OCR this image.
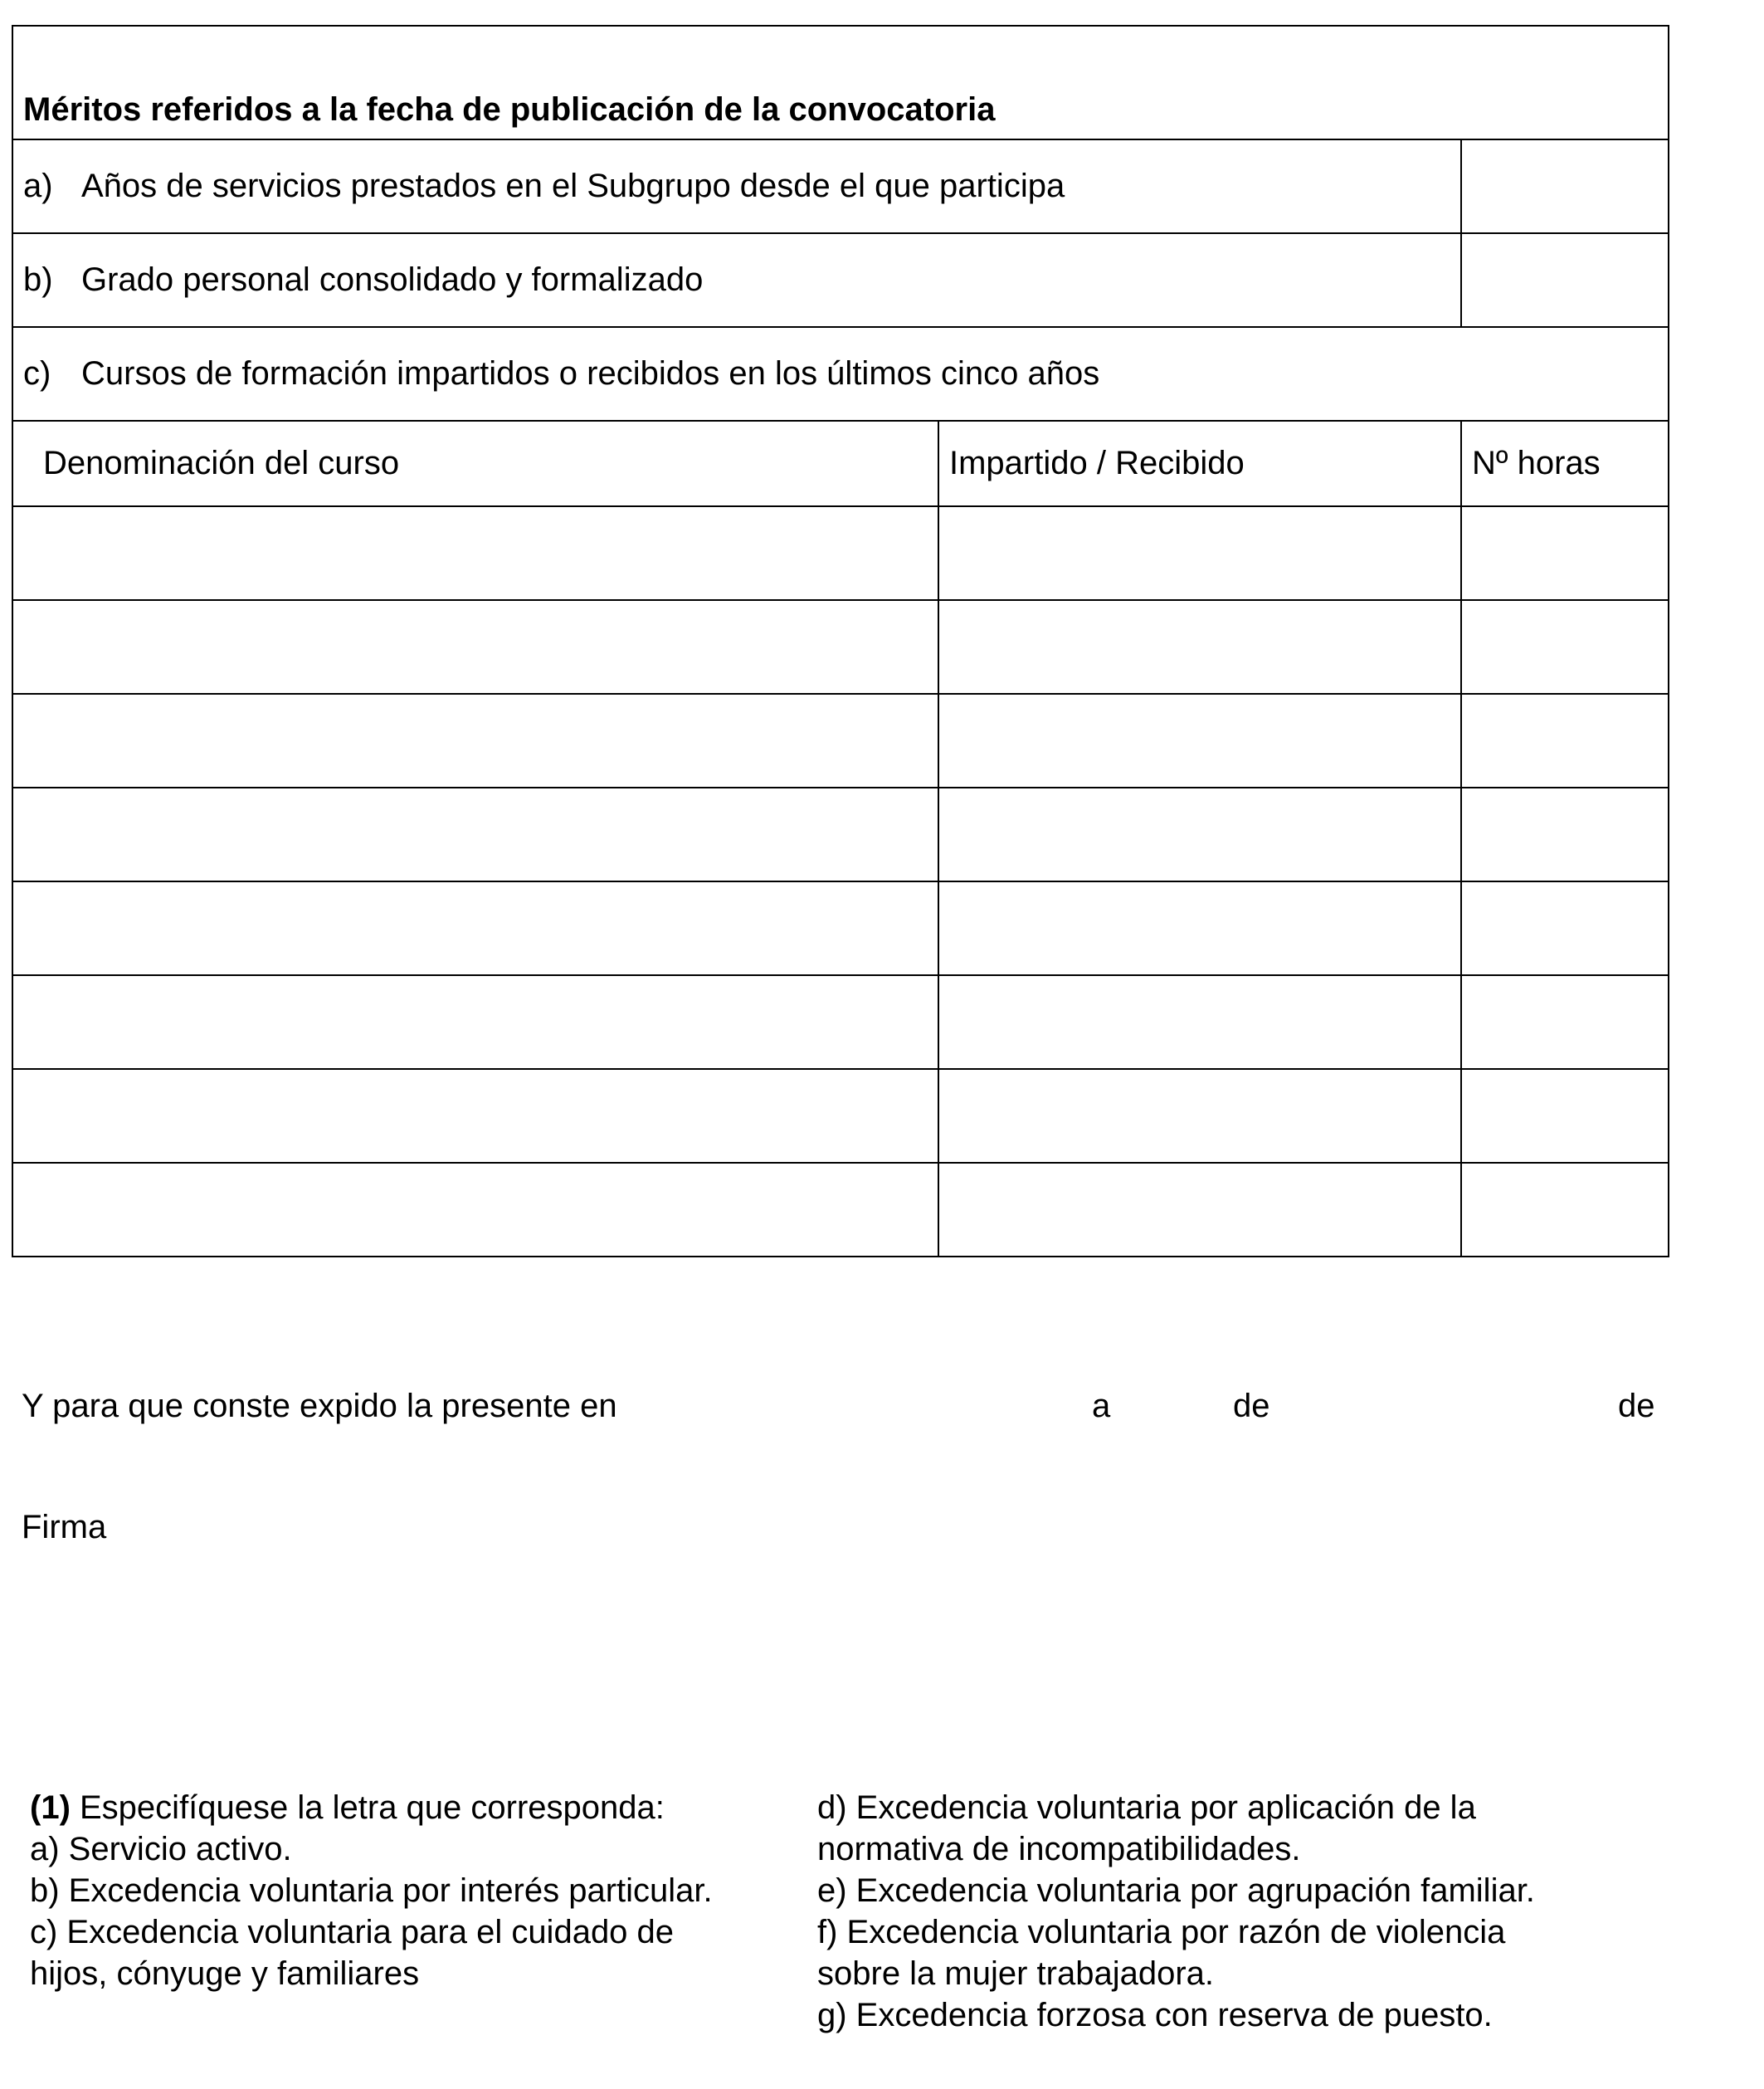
Méritos referidos a la fecha de publicación de la convocatoria		
a) Años de servicios prestados en el Subgrupo desde el que participa		
b) Grado personal consolidado y formalizado		
c) Cursos de formación impartidos o recibidos en los últimos cinco años		
Denominación del curso	Impartido / Recibido	Nº horas

Y para que conste expido la presente en	a	de	de
Firma
(1) Especifíquese la letra que corresponda:
a) Servicio activo.
b) Excedencia voluntaria por interés particular.
c) Excedencia voluntaria para el cuidado de
hijos, cónyuge y familiares
d) Excedencia voluntaria por aplicación de la
normativa de incompatibilidades.
e) Excedencia voluntaria por agrupación familiar.
f) Excedencia voluntaria por razón de violencia
sobre la mujer trabajadora.
g) Excedencia forzosa con reserva de puesto.
